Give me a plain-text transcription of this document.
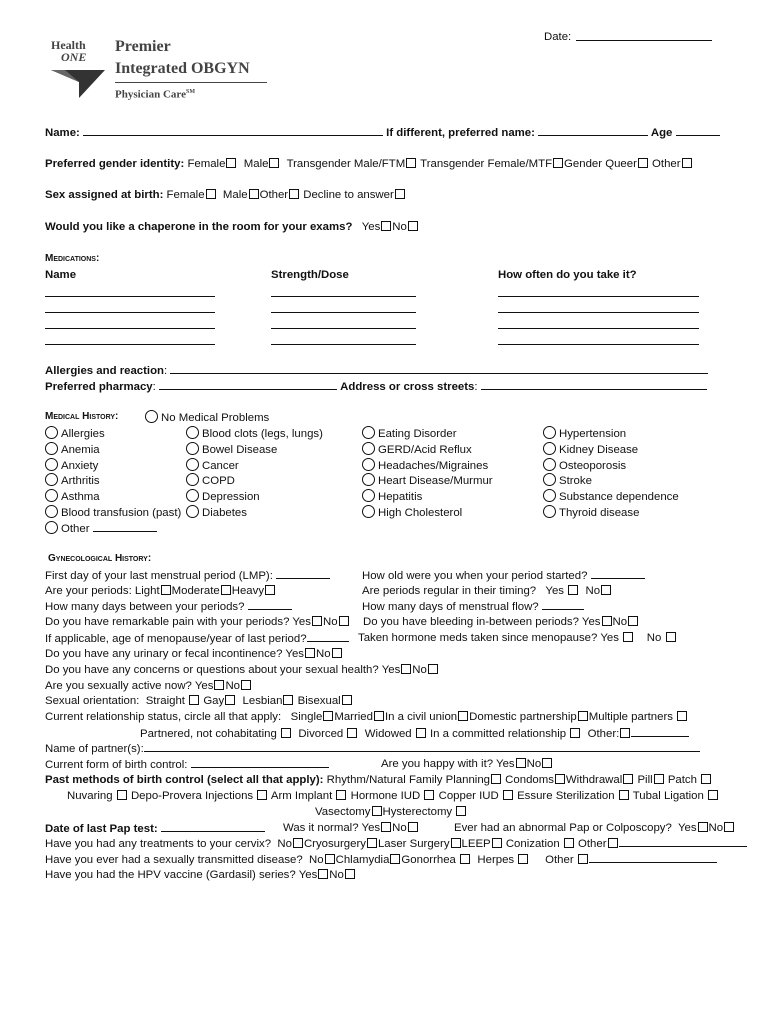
Date:
Health
ONE
Premier
Integrated OBGYN
Physician Care℠
Name:	If different, preferred name:	Age
Preferred gender identity: Female Male Transgender Male/FTM Transgender Female/MTF Gender Queer Other
Sex assigned at birth: Female Male Other Decline to answer
Would you like a chaperone in the room for your exams? Yes No
Medications:
Name	Strength/Dose	How often do you take it?
Allergies and reaction:
Preferred pharmacy:	Address or cross streets:
Medical History:	No Medical Problems
Allergies
Anemia
Anxiety
Arthritis
Asthma
Blood transfusion (past)
Other
Blood clots (legs, lungs)
Bowel Disease
Cancer
COPD
Depression
Diabetes
Eating Disorder
GERD/Acid Reflux
Headaches/Migraines
Heart Disease/Murmur
Hepatitis
High Cholesterol
Hypertension
Kidney Disease
Osteoporosis
Stroke
Substance dependence
Thyroid disease
Gynecological History:
First day of your last menstrual period (LMP):	How old were you when your period started?
Are your periods: Light Moderate Heavy	Are periods regular in their timing? Yes No
How many days between your periods?	How many days of menstrual flow?
Do you have remarkable pain with your periods? Yes No	Do you have bleeding in-between periods? Yes No
If applicable, age of menopause/year of last period?	Taken hormone meds taken since menopause? Yes No
Do you have any urinary or fecal incontinence? Yes No
Do you have any concerns or questions about your sexual health? Yes No
Are you sexually active now? Yes No
Sexual orientation: Straight Gay Lesbian Bisexual
Current relationship status, circle all that apply: Single Married In a civil union Domestic partnership Multiple partners
Partnered, not cohabitating Divorced Widowed In a committed relationship Other:
Name of partner(s):
Current form of birth control:	Are you happy with it? Yes No
Past methods of birth control (select all that apply): Rhythm/Natural Family Planning Condoms Withdrawal Pill Patch
Nuvaring Depo-Provera Injections Arm Implant Hormone IUD Copper IUD Essure Sterilization Tubal Ligation
Vasectomy Hysterectomy
Date of last Pap test:	Was it normal? Yes No	Ever had an abnormal Pap or Colposcopy? Yes No
Have you had any treatments to your cervix? No Cryosurgery Laser Surgery LEEP Conization Other
Have you ever had a sexually transmitted disease? No Chlamydia Gonorrhea Herpes	Other
Have you had the HPV vaccine (Gardasil) series? Yes No
